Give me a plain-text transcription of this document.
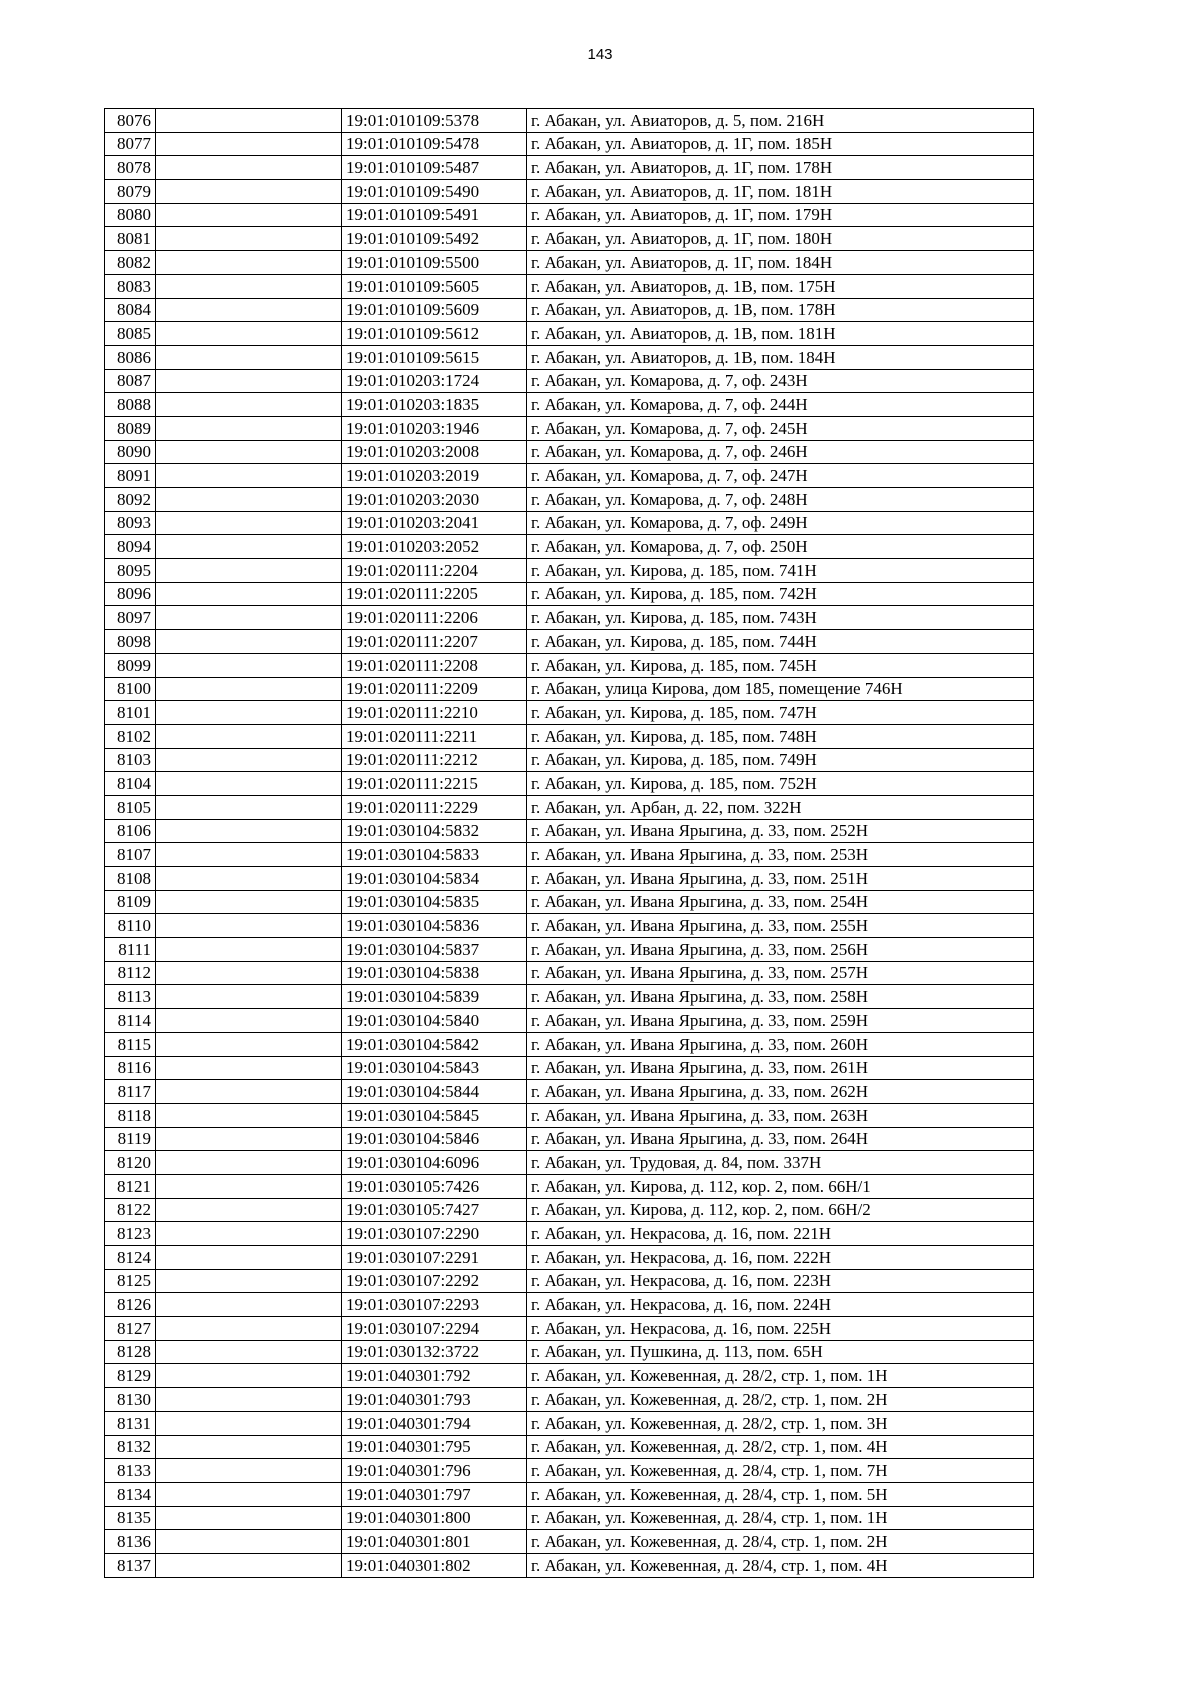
143
8076		19:01:010109:5378	г. Абакан, ул. Авиаторов, д. 5, пом. 216Н
8077		19:01:010109:5478	г. Абакан, ул. Авиаторов, д. 1Г, пом. 185Н
8078		19:01:010109:5487	г. Абакан, ул. Авиаторов, д. 1Г, пом. 178Н
8079		19:01:010109:5490	г. Абакан, ул. Авиаторов, д. 1Г, пом. 181Н
8080		19:01:010109:5491	г. Абакан, ул. Авиаторов, д. 1Г, пом. 179Н
8081		19:01:010109:5492	г. Абакан, ул. Авиаторов, д. 1Г, пом. 180Н
8082		19:01:010109:5500	г. Абакан, ул. Авиаторов, д. 1Г, пом. 184Н
8083		19:01:010109:5605	г. Абакан, ул. Авиаторов, д. 1В, пом. 175Н
8084		19:01:010109:5609	г. Абакан, ул. Авиаторов, д. 1В, пом. 178Н
8085		19:01:010109:5612	г. Абакан, ул. Авиаторов, д. 1В, пом. 181Н
8086		19:01:010109:5615	г. Абакан, ул. Авиаторов, д. 1В, пом. 184Н
8087		19:01:010203:1724	г. Абакан, ул. Комарова, д. 7, оф. 243Н
8088		19:01:010203:1835	г. Абакан, ул. Комарова, д. 7, оф. 244Н
8089		19:01:010203:1946	г. Абакан, ул. Комарова, д. 7, оф. 245Н
8090		19:01:010203:2008	г. Абакан, ул. Комарова, д. 7, оф. 246Н
8091		19:01:010203:2019	г. Абакан, ул. Комарова, д. 7, оф. 247Н
8092		19:01:010203:2030	г. Абакан, ул. Комарова, д. 7, оф. 248Н
8093		19:01:010203:2041	г. Абакан, ул. Комарова, д. 7, оф. 249Н
8094		19:01:010203:2052	г. Абакан, ул. Комарова, д. 7, оф. 250Н
8095		19:01:020111:2204	г. Абакан, ул. Кирова, д. 185, пом. 741Н
8096		19:01:020111:2205	г. Абакан, ул. Кирова, д. 185, пом. 742Н
8097		19:01:020111:2206	г. Абакан, ул. Кирова, д. 185, пом. 743Н
8098		19:01:020111:2207	г. Абакан, ул. Кирова, д. 185, пом. 744Н
8099		19:01:020111:2208	г. Абакан, ул. Кирова, д. 185, пом. 745Н
8100		19:01:020111:2209	г. Абакан, улица Кирова, дом 185, помещение 746Н
8101		19:01:020111:2210	г. Абакан, ул. Кирова, д. 185, пом. 747Н
8102		19:01:020111:2211	г. Абакан, ул. Кирова, д. 185, пом. 748Н
8103		19:01:020111:2212	г. Абакан, ул. Кирова, д. 185, пом. 749Н
8104		19:01:020111:2215	г. Абакан, ул. Кирова, д. 185, пом. 752Н
8105		19:01:020111:2229	г. Абакан, ул. Арбан, д. 22, пом. 322Н
8106		19:01:030104:5832	г. Абакан, ул. Ивана Ярыгина, д. 33, пом. 252Н
8107		19:01:030104:5833	г. Абакан, ул. Ивана Ярыгина, д. 33, пом. 253Н
8108		19:01:030104:5834	г. Абакан, ул. Ивана Ярыгина, д. 33, пом. 251Н
8109		19:01:030104:5835	г. Абакан, ул. Ивана Ярыгина, д. 33, пом. 254Н
8110		19:01:030104:5836	г. Абакан, ул. Ивана Ярыгина, д. 33, пом. 255Н
8111		19:01:030104:5837	г. Абакан, ул. Ивана Ярыгина, д. 33, пом. 256Н
8112		19:01:030104:5838	г. Абакан, ул. Ивана Ярыгина, д. 33, пом. 257Н
8113		19:01:030104:5839	г. Абакан, ул. Ивана Ярыгина, д. 33, пом. 258Н
8114		19:01:030104:5840	г. Абакан, ул. Ивана Ярыгина, д. 33, пом. 259Н
8115		19:01:030104:5842	г. Абакан, ул. Ивана Ярыгина, д. 33, пом. 260Н
8116		19:01:030104:5843	г. Абакан, ул. Ивана Ярыгина, д. 33, пом. 261Н
8117		19:01:030104:5844	г. Абакан, ул. Ивана Ярыгина, д. 33, пом. 262Н
8118		19:01:030104:5845	г. Абакан, ул. Ивана Ярыгина, д. 33, пом. 263Н
8119		19:01:030104:5846	г. Абакан, ул. Ивана Ярыгина, д. 33, пом. 264Н
8120		19:01:030104:6096	г. Абакан, ул. Трудовая, д. 84, пом. 337Н
8121		19:01:030105:7426	г. Абакан, ул. Кирова, д. 112, кор. 2, пом. 66Н/1
8122		19:01:030105:7427	г. Абакан, ул. Кирова, д. 112, кор. 2, пом. 66Н/2
8123		19:01:030107:2290	г. Абакан, ул. Некрасова, д. 16, пом. 221Н
8124		19:01:030107:2291	г. Абакан, ул. Некрасова, д. 16, пом. 222Н
8125		19:01:030107:2292	г. Абакан, ул. Некрасова, д. 16, пом. 223Н
8126		19:01:030107:2293	г. Абакан, ул. Некрасова, д. 16, пом. 224Н
8127		19:01:030107:2294	г. Абакан, ул. Некрасова, д. 16, пом. 225Н
8128		19:01:030132:3722	г. Абакан, ул. Пушкина, д. 113, пом. 65Н
8129		19:01:040301:792	г. Абакан, ул. Кожевенная, д. 28/2, стр. 1, пом. 1Н
8130		19:01:040301:793	г. Абакан, ул. Кожевенная, д. 28/2, стр. 1, пом. 2Н
8131		19:01:040301:794	г. Абакан, ул. Кожевенная, д. 28/2, стр. 1, пом. 3Н
8132		19:01:040301:795	г. Абакан, ул. Кожевенная, д. 28/2, стр. 1, пом. 4Н
8133		19:01:040301:796	г. Абакан, ул. Кожевенная, д. 28/4, стр. 1, пом. 7Н
8134		19:01:040301:797	г. Абакан, ул. Кожевенная, д. 28/4, стр. 1, пом. 5Н
8135		19:01:040301:800	г. Абакан, ул. Кожевенная, д. 28/4, стр. 1, пом. 1Н
8136		19:01:040301:801	г. Абакан, ул. Кожевенная, д. 28/4, стр. 1, пом. 2Н
8137		19:01:040301:802	г. Абакан, ул. Кожевенная, д. 28/4, стр. 1, пом. 4Н
